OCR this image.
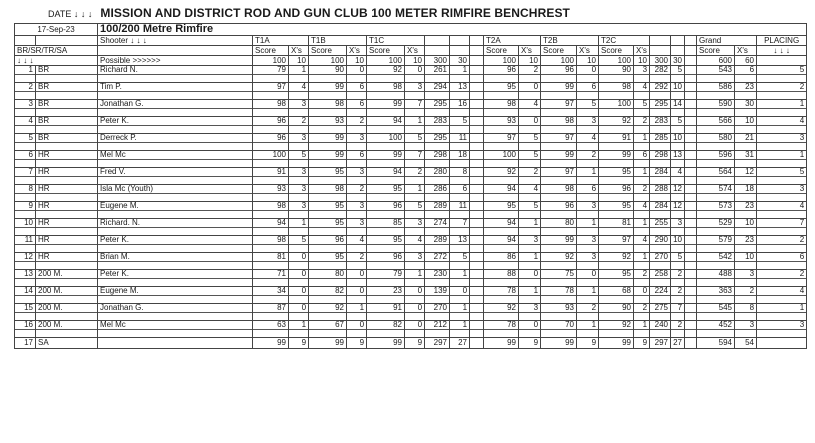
DATE ↓ ↓ ↓ MISSION AND DISTRICT ROD AND GUN CLUB 100 METER RIMFIRE BENCHREST
17-Sep-23		100/200 Metre Rimfire																					
		Shooter ↓ ↓ ↓	T1A		T1B		T1C					T2A		T2B		T2C					Grand		PLACING
BR/SR/TR/SA			Score	X's	Score	X's	Score	X's				Score	X's	Score	X's	Score	X's				Score	X's	↓ ↓ ↓
↓ ↓ ↓		Possible >>>>>>	100	10	100	10	100	10	300	30		100	10	100	10	100	10	300	30		600	60	
1	BR	Richard N.	79	1	90	0	92	0	261	1		96	2	96	0	90	3	282	5		543	6	5
2	BR	Tim P.	97	4	99	6	98	3	294	13		95	0	99	6	98	4	292	10		586	23	2
3	BR	Jonathan G.	98	3	98	6	99	7	295	16		98	4	97	5	100	5	295	14		590	30	1
4	BR	Peter K.	96	2	93	2	94	1	283	5		93	0	98	3	92	2	283	5		566	10	4
5	BR	Derreck P.	96	3	99	3	100	5	295	11		97	5	97	4	91	1	285	10		580	21	3
6	HR	Mel Mc	100	5	99	6	99	7	298	18		100	5	99	2	99	6	298	13		596	31	1
7	HR	Fred V.	91	3	95	3	94	2	280	8		92	2	97	1	95	1	284	4		564	12	5
8	HR	Isla Mc (Youth)	93	3	98	2	95	1	286	6		94	4	98	6	96	2	288	12		574	18	3
9	HR	Eugene M.	98	3	95	3	96	5	289	11		95	5	96	3	95	4	284	12		573	23	4
10	HR	Richard. N.	94	1	95	3	85	3	274	7		94	1	80	1	81	1	255	3		529	10	7
11	HR	Peter K.	98	5	96	4	95	4	289	13		94	3	99	3	97	4	290	10		579	23	2
12	HR	Brian M.	81	0	95	2	96	3	272	5		86	1	92	3	92	1	270	5		542	10	6
13	200 M.	Peter K.	71	0	80	0	79	1	230	1		88	0	75	0	95	2	258	2		488	3	2
14	200 M.	Eugene M.	34	0	82	0	23	0	139	0		78	1	78	1	68	0	224	2		363	2	4
15	200 M.	Jonathan G.	87	0	92	1	91	0	270	1		92	3	93	2	90	2	275	7		545	8	1
16	200 M.	Mel Mc	63	1	67	0	82	0	212	1		78	0	70	1	92	1	240	2		452	3	3
17	SA		99	9	99	9	99	9	297	27		99	9	99	9	99	9	297	27		594	54	
